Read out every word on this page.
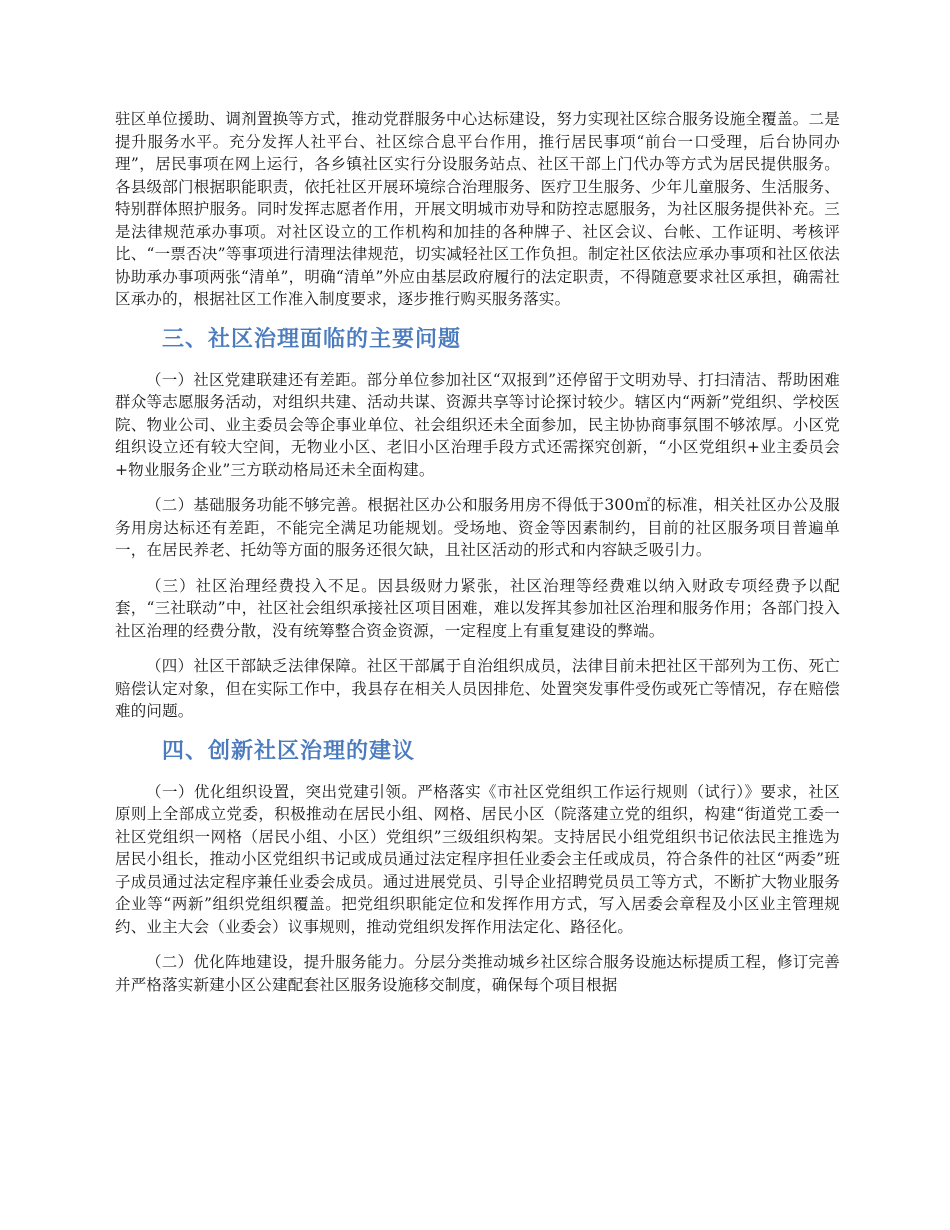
驻区单位援助、调剂置换等方式，推动党群服务中心达标建设，努力实现社区综合服务设施全覆盖。二是提升服务水平。充分发挥人社平台、社区综合息平台作用，推行居民事项“前台一口受理，后台协同办理”，居民事项在网上运行，各乡镇社区实行分设服务站点、社区干部上门代办等方式为居民提供服务。各县级部门根据职能职责，依托社区开展环境综合治理服务、医疗卫生服务、少年儿童服务、生活服务、特别群体照护服务。同时发挥志愿者作用，开展文明城市劝导和防控志愿服务，为社区服务提供补充。三是法律规范承办事项。对社区设立的工作机构和加挂的各种牌子、社区会议、台帐、工作证明、考核评比、“一票否决”等事项进行清理法律规范，切实减轻社区工作负担。制定社区依法应承办事项和社区依法协助承办事项两张“清单”，明确“清单”外应由基层政府履行的法定职责，不得随意要求社区承担，确需社区承办的，根据社区工作准入制度要求，逐步推行购买服务落实。

三、社区治理面临的主要问题

（一）社区党建联建还有差距。部分单位参加社区“双报到”还停留于文明劝导、打扫清洁、帮助困难群众等志愿服务活动，对组织共建、活动共谋、资源共享等讨论探讨较少。辖区内“两新”党组织、学校医院、物业公司、业主委员会等企事业单位、社会组织还未全面参加，民主协协商事氛围不够浓厚。小区党组织设立还有较大空间，无物业小区、老旧小区治理手段方式还需探究创新，“小区党组织+业主委员会+物业服务企业”三方联动格局还未全面构建。

（二）基础服务功能不够完善。根据社区办公和服务用房不得低于300㎡的标准，相关社区办公及服务用房达标还有差距，不能完全满足功能规划。受场地、资金等因素制约，目前的社区服务项目普遍单一，在居民养老、托幼等方面的服务还很欠缺，且社区活动的形式和内容缺乏吸引力。

（三）社区治理经费投入不足。因县级财力紧张，社区治理等经费难以纳入财政专项经费予以配套，“三社联动”中，社区社会组织承接社区项目困难，难以发挥其参加社区治理和服务作用；各部门投入社区治理的经费分散，没有统筹整合资金资源，一定程度上有重复建设的弊端。

（四）社区干部缺乏法律保障。社区干部属于自治组织成员，法律目前未把社区干部列为工伤、死亡赔偿认定对象，但在实际工作中，我县存在相关人员因排危、处置突发事件受伤或死亡等情况，存在赔偿难的问题。

四、创新社区治理的建议

（一）优化组织设置，突出党建引领。严格落实《市社区党组织工作运行规则（试行）》要求，社区原则上全部成立党委，积极推动在居民小组、网格、居民小区（院落建立党的组织，构建“街道党工委一社区党组织一网格（居民小组、小区）党组织”三级组织构架。支持居民小组党组织书记依法民主推选为居民小组长，推动小区党组织书记或成员通过法定程序担任业委会主任或成员，符合条件的社区“两委”班子成员通过法定程序兼任业委会成员。通过进展党员、引导企业招聘党员员工等方式，不断扩大物业服务企业等“两新”组织党组织覆盖。把党组织职能定位和发挥作用方式，写入居委会章程及小区业主管理规约、业主大会（业委会）议事规则，推动党组织发挥作用法定化、路径化。

（二）优化阵地建设，提升服务能力。分层分类推动城乡社区综合服务设施达标提质工程，修订完善并严格落实新建小区公建配套社区服务设施移交制度，确保每个项目根据
